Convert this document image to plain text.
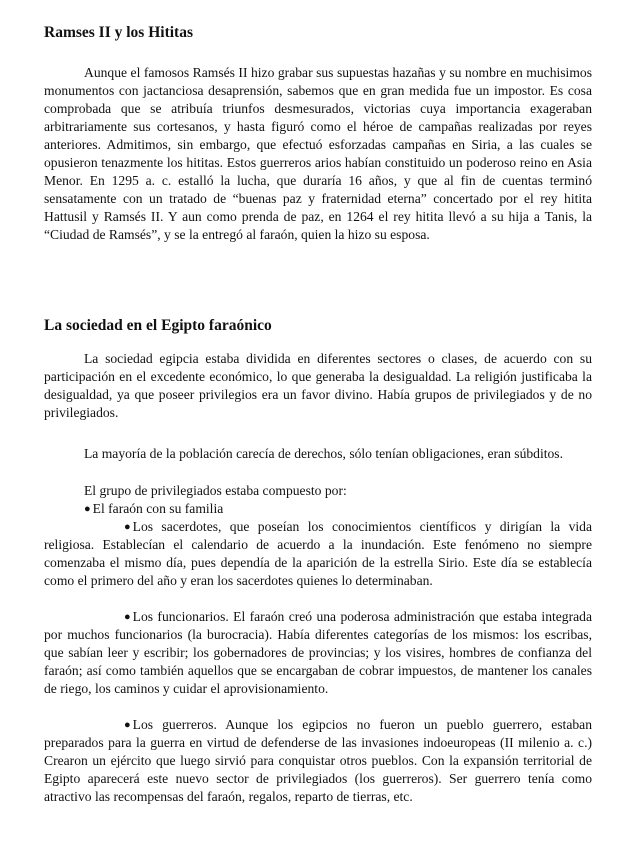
Ramses II y los Hititas

Aunque el famosos Ramsés II hizo grabar sus supuestas hazañas y su nombre en muchisimos monumentos con jactanciosa desaprensión, sabemos que en gran medida fue un impostor. Es cosa comprobada que se atribuía triunfos desmesurados, victorias cuya importancia exageraban arbitrariamente sus cortesanos, y hasta figuró como el héroe de campañas realizadas por reyes anteriores. Admitimos, sin embargo, que efectuó esforzadas campañas en Siria, a las cuales se opusieron tenazmente los hititas. Estos guerreros arios habían constituido un poderoso reino en Asia Menor. En 1295 a. c. estalló la lucha, que duraría 16 años, y que al fin de cuentas terminó sensatamente con un tratado de “buenas paz y fraternidad eterna” concertado por el rey hitita Hattusil y Ramsés II. Y aun como prenda de paz, en 1264 el rey hitita llevó a su hija a Tanis, la “Ciudad de Ramsés”, y se la entregó al faraón, quien la hizo su esposa.

La sociedad en el Egipto faraónico

La sociedad egipcia estaba dividida en diferentes sectores o clases, de acuerdo con su participación en el excedente económico, lo que generaba la desigualdad. La religión justificaba la desigualdad, ya que poseer privilegios era un favor divino. Había grupos de privilegiados y de no privilegiados.

La mayoría de la población carecía de derechos, sólo tenían obligaciones, eran súbditos.

El grupo de privilegiados estaba compuesto por:

● El faraón con su familia

● Los sacerdotes, que poseían los conocimientos científicos y dirigían la vida religiosa. Establecían el calendario de acuerdo a la inundación. Este fenómeno no siempre comenzaba el mismo día, pues dependía de la aparición de la estrella Sirio. Este día se establecía como el primero del año y eran los sacerdotes quienes lo determinaban.

● Los funcionarios. El faraón creó una poderosa administración que estaba integrada por muchos funcionarios (la burocracia). Había diferentes categorías de los mismos: los escribas, que sabían leer y escribir; los gobernadores de provincias; y los visires, hombres de confianza del faraón; así como también aquellos que se encargaban de cobrar impuestos, de mantener los canales de riego, los caminos y cuidar el aprovisionamiento.

● Los guerreros. Aunque los egipcios no fueron un pueblo guerrero, estaban preparados para la guerra en virtud de defenderse de las invasiones indoeuropeas (II milenio a. c.) Crearon un ejército que luego sirvió para conquistar otros pueblos. Con la expansión territorial de Egipto aparecerá este nuevo sector de privilegiados (los guerreros). Ser guerrero tenía como atractivo las recompensas del faraón, regalos, reparto de tierras, etc.
